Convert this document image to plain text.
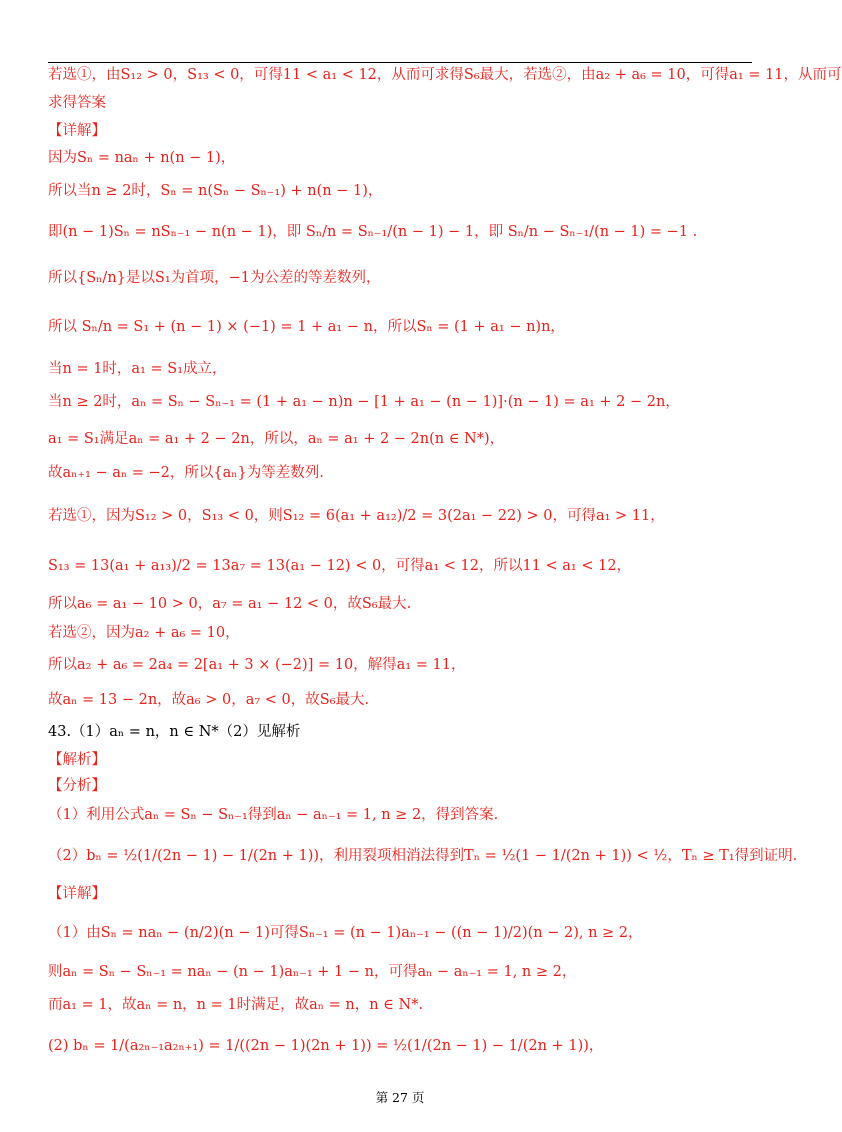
若选①，由S₁₂ > 0，S₁₃ < 0，可得11 < a₁ < 12，从而可求得S₆最大，若选②，由a₂ + a₆ = 10，可得a₁ = 11，从而可
求得答案
【详解】
因为Sₙ = naₙ + n(n − 1)，
所以当n ≥ 2时，Sₙ = n(Sₙ − Sₙ₋₁) + n(n − 1)，
即(n − 1)Sₙ = nSₙ₋₁ − n(n − 1)，即 Sₙ/n = Sₙ₋₁/(n − 1) − 1，即 Sₙ/n − Sₙ₋₁/(n − 1) = −1 .
所以{Sₙ/n}是以S₁为首项，−1为公差的等差数列，
所以 Sₙ/n = S₁ + (n − 1) × (−1) = 1 + a₁ − n，所以Sₙ = (1 + a₁ − n)n，
当n = 1时，a₁ = S₁成立，
当n ≥ 2时，aₙ = Sₙ − Sₙ₋₁ = (1 + a₁ − n)n − [1 + a₁ − (n − 1)]·(n − 1) = a₁ + 2 − 2n，
a₁ = S₁满足aₙ = a₁ + 2 − 2n，所以，aₙ = a₁ + 2 − 2n(n ∈ N*)，
故aₙ₊₁ − aₙ = −2，所以{aₙ}为等差数列.
若选①，因为S₁₂ > 0，S₁₃ < 0，则S₁₂ = 6(a₁ + a₁₂)/2 = 3(2a₁ − 22) > 0，可得a₁ > 11，
S₁₃ = 13(a₁ + a₁₃)/2 = 13a₇ = 13(a₁ − 12) < 0，可得a₁ < 12，所以11 < a₁ < 12，
所以a₆ = a₁ − 10 > 0，a₇ = a₁ − 12 < 0，故S₆最大.
若选②，因为a₂ + a₆ = 10，
所以a₂ + a₆ = 2a₄ = 2[a₁ + 3 × (−2)] = 10，解得a₁ = 11，
故aₙ = 13 − 2n，故a₆ > 0，a₇ < 0，故S₆最大.
43.（1）aₙ = n，n ∈ N*（2）见解析
【解析】
【分析】
（1）利用公式aₙ = Sₙ − Sₙ₋₁得到aₙ − aₙ₋₁ = 1, n ≥ 2，得到答案.
（2）bₙ = ½(1/(2n − 1) − 1/(2n + 1))，利用裂项相消法得到Tₙ = ½(1 − 1/(2n + 1)) < ½，Tₙ ≥ T₁得到证明.
【详解】
（1）由Sₙ = naₙ − (n/2)(n − 1)可得Sₙ₋₁ = (n − 1)aₙ₋₁ − ((n − 1)/2)(n − 2), n ≥ 2，
则aₙ = Sₙ − Sₙ₋₁ = naₙ − (n − 1)aₙ₋₁ + 1 − n，可得aₙ − aₙ₋₁ = 1, n ≥ 2，
而a₁ = 1，故aₙ = n，n = 1时满足，故aₙ = n，n ∈ N*.
(2) bₙ = 1/(a₂ₙ₋₁a₂ₙ₊₁) = 1/((2n − 1)(2n + 1)) = ½(1/(2n − 1) − 1/(2n + 1))，
第 27 页
